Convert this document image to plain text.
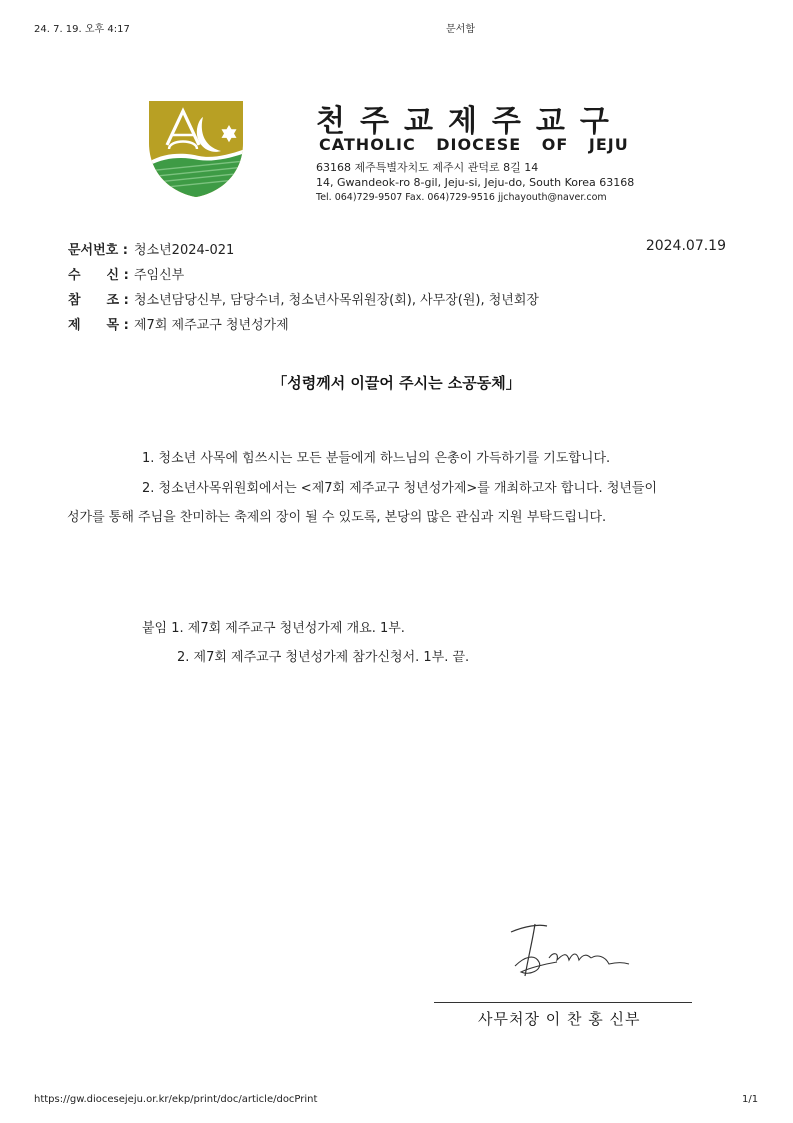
24. 7. 19. 오후 4:17	문서함
천주교제주교구
CATHOLIC DIOCESE OF JEJU
63168 제주특별자치도 제주시 관덕로 8길 14
14, Gwandeok-ro 8-gil, Jeju-si, Jeju-do, South Korea 63168
Tel. 064)729-9507 Fax. 064)729-9516 jjchayouth@naver.com
문서번호 : 청소년2024-021	2024.07.19
수　　신 : 주임신부
참　　조 : 청소년담당신부, 담당수녀, 청소년사목위원장(회), 사무장(원), 청년회장
제　　목 : 제7회 제주교구 청년성가제
「성령께서 이끌어 주시는 소공동체」
1. 청소년 사목에 힘쓰시는 모든 분들에게 하느님의 은총이 가득하기를 기도합니다.
2. 청소년사목위원회에서는 <제7회 제주교구 청년성가제>를 개최하고자 합니다. 청년들이
성가를 통해 주님을 찬미하는 축제의 장이 될 수 있도록, 본당의 많은 관심과 지원 부탁드립니다.
붙임 1. 제7회 제주교구 청년성가제 개요. 1부.
2. 제7회 제주교구 청년성가제 참가신청서. 1부. 끝.
사무처장 이 찬 홍 신부
https://gw.diocesejeju.or.kr/ekp/print/doc/article/docPrint	1/1
